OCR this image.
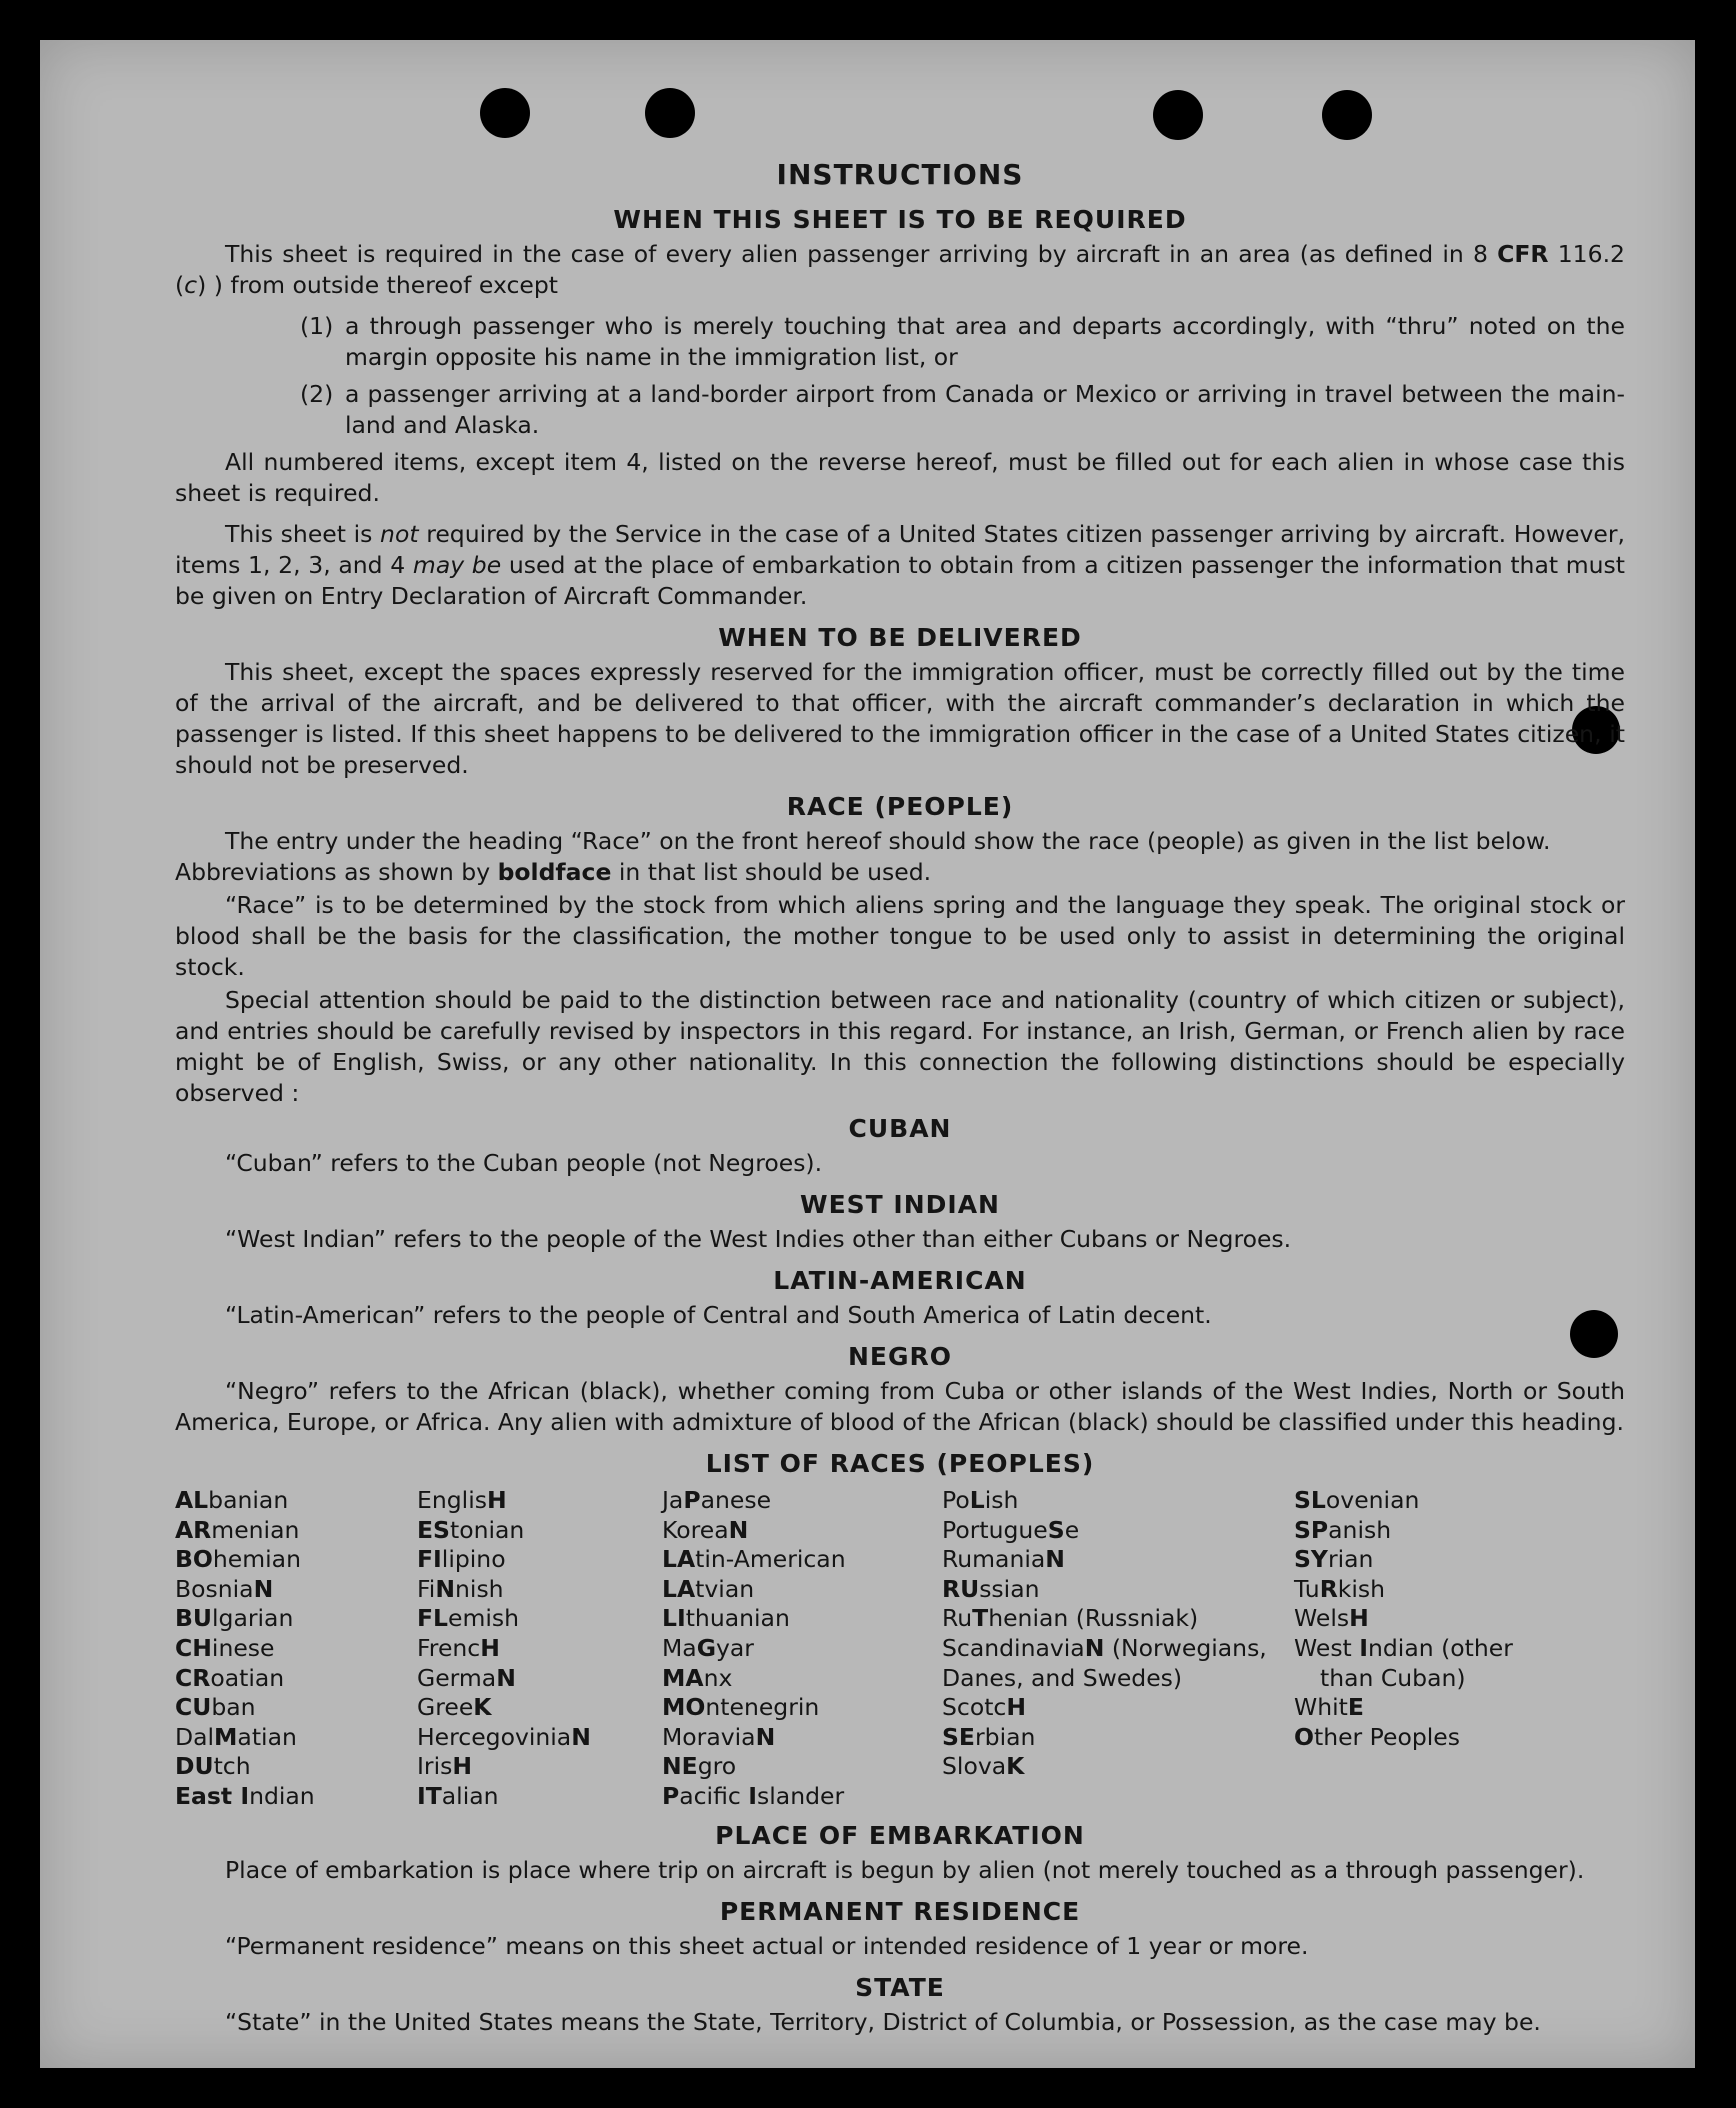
INSTRUCTIONS
WHEN THIS SHEET IS TO BE REQUIRED

This sheet is required in the case of every alien passenger arriving by aircraft in an area (as defined in 8 CFR 116.2 (c) ) from outside thereof except

(1) a through passenger who is merely touching that area and departs accordingly, with “thru” noted on the margin opposite his name in the immigration list, or
(2) a passenger arriving at a land-border airport from Canada or Mexico or arriving in travel between the main-land and Alaska.

All numbered items, except item 4, listed on the reverse hereof, must be filled out for each alien in whose case this sheet is required.

This sheet is not required by the Service in the case of a United States citizen passenger arriving by aircraft. However, items 1, 2, 3, and 4 may be used at the place of embarkation to obtain from a citizen passenger the information that must be given on Entry Declaration of Aircraft Commander.

WHEN TO BE DELIVERED

This sheet, except the spaces expressly reserved for the immigration officer, must be correctly filled out by the time of the arrival of the aircraft, and be delivered to that officer, with the aircraft commander’s declaration in which the passenger is listed. If this sheet happens to be delivered to the immigration officer in the case of a United States citizen, it should not be preserved.

RACE (PEOPLE)

The entry under the heading “Race” on the front hereof should show the race (people) as given in the list below.

Abbreviations as shown by boldface in that list should be used.

“Race” is to be determined by the stock from which aliens spring and the language they speak. The original stock or blood shall be the basis for the classification, the mother tongue to be used only to assist in determining the original stock.

Special attention should be paid to the distinction between race and nationality (country of which citizen or subject), and entries should be carefully revised by inspectors in this regard. For instance, an Irish, German, or French alien by race might be of English, Swiss, or any other nationality. In this connection the following distinctions should be especially observed :

CUBAN

“Cuban” refers to the Cuban people (not Negroes).

WEST INDIAN

“West Indian” refers to the people of the West Indies other than either Cubans or Negroes.

LATIN-AMERICAN

“Latin-American” refers to the people of Central and South America of Latin decent.

NEGRO

“Negro” refers to the African (black), whether coming from Cuba or other islands of the West Indies, North or South America, Europe, or Africa. Any alien with admixture of blood of the African (black) should be classified under this heading.

LIST OF RACES (PEOPLES)
ALbanian
ARmenian
BOhemian
BosniaN
BUlgarian
CHinese
CRoatian
CUban
DalMatian
DUtch
East Indian
EnglisH
EStonian
FIlipino
FiNnish
FLemish
FrencH
GermaN
GreeK
HercegoviniaN
IrisH
ITalian
JaPanese
KoreaN
LAtin-American
LAtvian
LIthuanian
MaGyar
MAnx
MOntenegrin
MoraviaN
NEgro
Pacific Islander
PoLish
PortugueSe
RumaniaN
RUssian
RuThenian (Russniak)
ScandinaviaN (Norwegians, Danes, and Swedes)
ScotcH
SErbian
SlovaK
SLovenian
SPanish
SYrian
TuRkish
WelsH
West Indian (other
than Cuban)
WhitE
Other Peoples
PLACE OF EMBARKATION

Place of embarkation is place where trip on aircraft is begun by alien (not merely touched as a through passenger).

PERMANENT RESIDENCE

“Permanent residence” means on this sheet actual or intended residence of 1 year or more.

STATE

“State” in the United States means the State, Territory, District of Columbia, or Possession, as the case may be.
